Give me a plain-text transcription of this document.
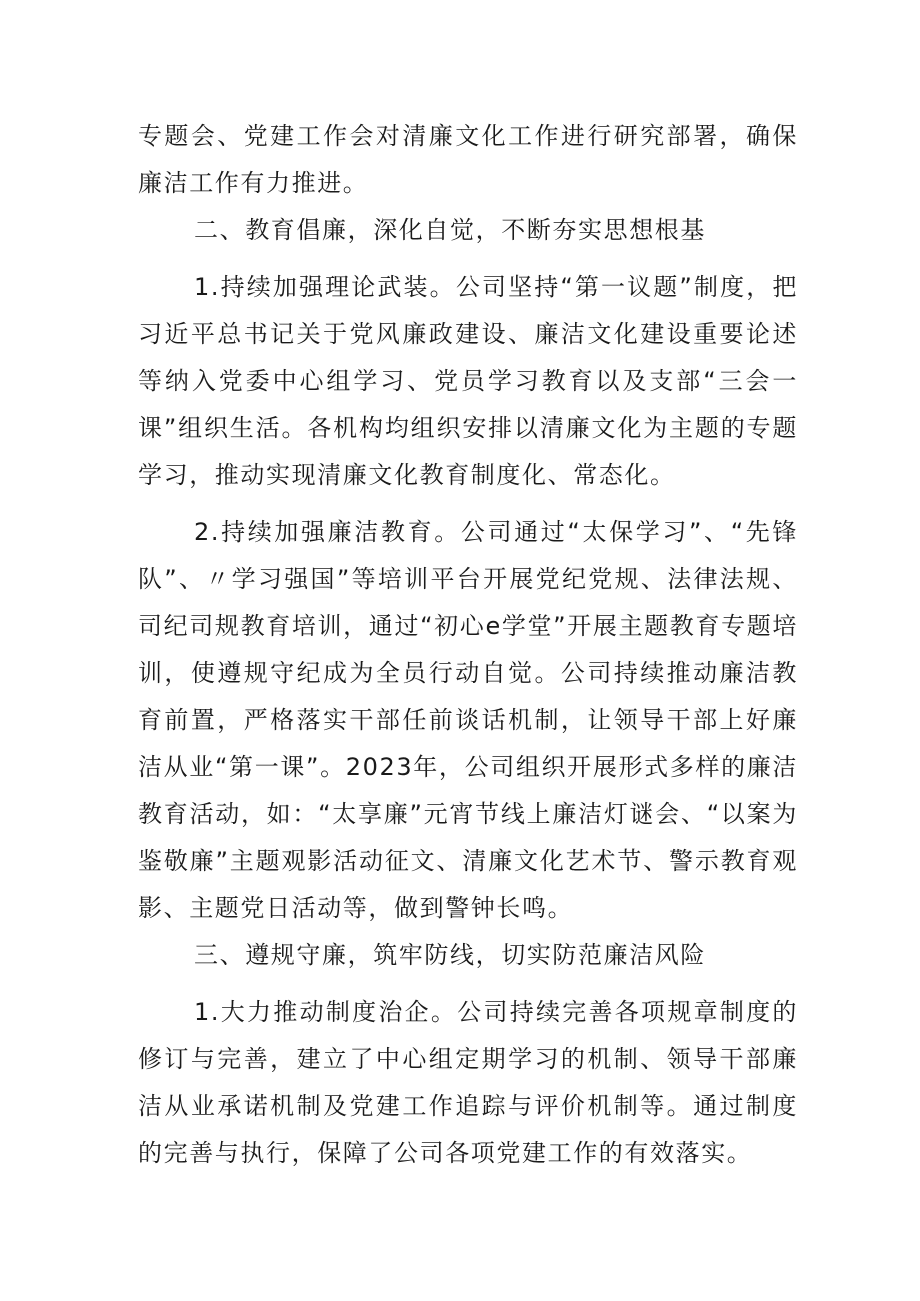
专题会、党建工作会对清廉文化工作进行研究部署，确保廉洁工作有力推进。

二、教育倡廉，深化自觉，不断夯实思想根基

1.持续加强理论武装。公司坚持“第一议题”制度，把习近平总书记关于党风廉政建设、廉洁文化建设重要论述等纳入党委中心组学习、党员学习教育以及支部“三会一课”组织生活。各机构均组织安排以清廉文化为主题的专题学习，推动实现清廉文化教育制度化、常态化。

2.持续加强廉洁教育。公司通过“太保学习”、“先锋队”、〃学习强国”等培训平台开展党纪党规、法律法规、司纪司规教育培训，通过“初心e学堂”开展主题教育专题培训，使遵规守纪成为全员行动自觉。公司持续推动廉洁教育前置，严格落实干部任前谈话机制，让领导干部上好廉洁从业“第一课”。2023年，公司组织开展形式多样的廉洁教育活动，如：“太享廉”元宵节线上廉洁灯谜会、“以案为鉴敬廉”主题观影活动征文、清廉文化艺术节、警示教育观影、主题党日活动等，做到警钟长鸣。

三、遵规守廉，筑牢防线，切实防范廉洁风险

1.大力推动制度治企。公司持续完善各项规章制度的修订与完善，建立了中心组定期学习的机制、领导干部廉洁从业承诺机制及党建工作追踪与评价机制等。通过制度的完善与执行，保障了公司各项党建工作的有效落实。
